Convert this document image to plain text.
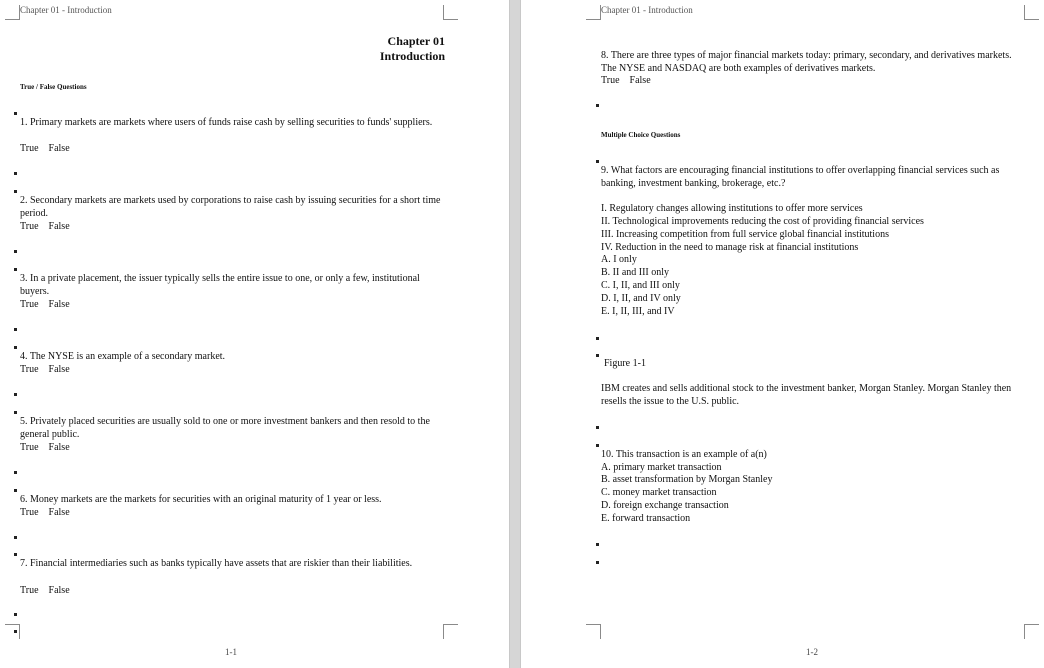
Chapter 01 - Introduction
Chapter 01
Introduction
True / False Questions
1. Primary markets are markets where users of funds raise cash by selling securities to funds' suppliers.
True False
2. Secondary markets are markets used by corporations to raise cash by issuing securities for a short time period.
True False
3. In a private placement, the issuer typically sells the entire issue to one, or only a few, institutional buyers.
True False
4. The NYSE is an example of a secondary market.
True False
5. Privately placed securities are usually sold to one or more investment bankers and then resold to the general public.
True False
6. Money markets are the markets for securities with an original maturity of 1 year or less.
True False
7. Financial intermediaries such as banks typically have assets that are riskier than their liabilities.
True False
1-1
Chapter 01 - Introduction
8. There are three types of major financial markets today: primary, secondary, and derivatives markets. The NYSE and NASDAQ are both examples of derivatives markets.
True False
Multiple Choice Questions
9. What factors are encouraging financial institutions to offer overlapping financial services such as banking, investment banking, brokerage, etc.?
I. Regulatory changes allowing institutions to offer more services
II. Technological improvements reducing the cost of providing financial services
III. Increasing competition from full service global financial institutions
IV. Reduction in the need to manage risk at financial institutions
A. I only
B. II and III only
C. I, II, and III only
D. I, II, and IV only
E. I, II, III, and IV
Figure 1-1
IBM creates and sells additional stock to the investment banker, Morgan Stanley. Morgan Stanley then resells the issue to the U.S. public.
10. This transaction is an example of a(n)
A. primary market transaction
B. asset transformation by Morgan Stanley
C. money market transaction
D. foreign exchange transaction
E. forward transaction
1-2
